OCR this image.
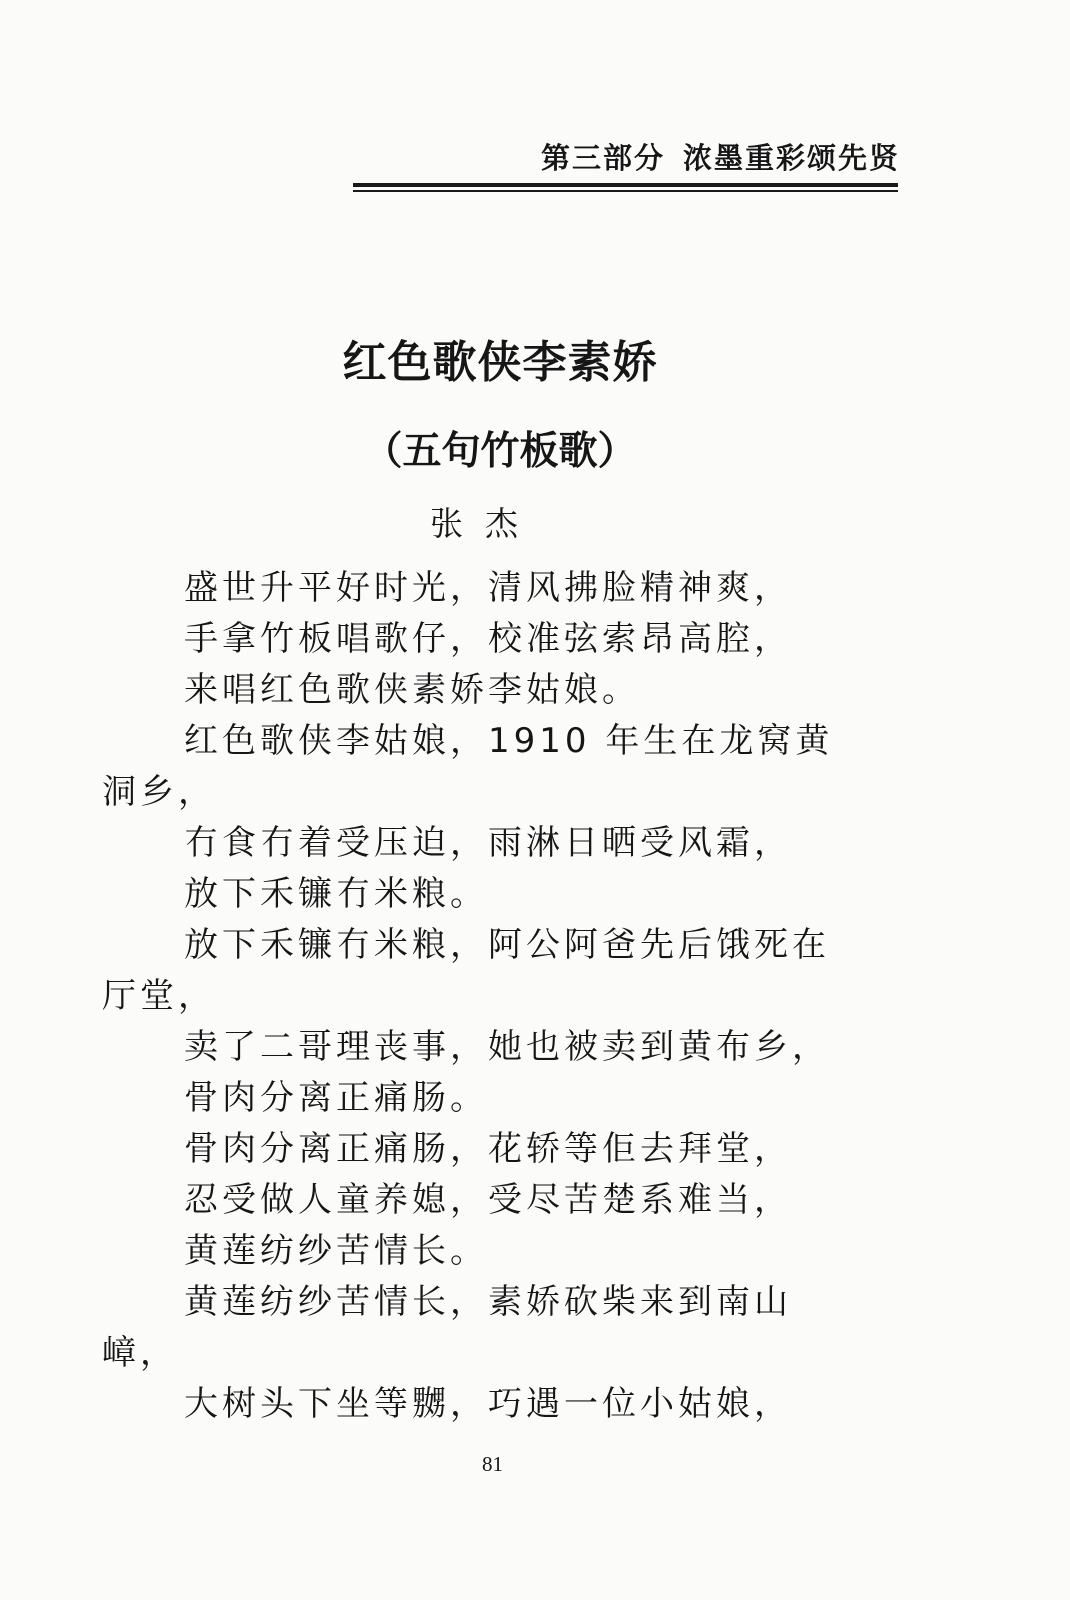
第三部分 浓墨重彩颂先贤
红色歌侠李素娇
（五句竹板歌）
张杰
盛世升平好时光，清风拂脸精神爽，
手拿竹板唱歌仔，校准弦索昂高腔，
来唱红色歌侠素娇李姑娘。
红色歌侠李姑娘，1910 年生在龙窝黄
洞乡，
冇食冇着受压迫，雨淋日晒受风霜，
放下禾镰冇米粮。
放下禾镰冇米粮，阿公阿爸先后饿死在
厅堂，
卖了二哥理丧事，她也被卖到黄布乡，
骨肉分离正痛肠。
骨肉分离正痛肠，花轿等佢去拜堂，
忍受做人童养媳，受尽苦楚系难当，
黄莲纺纱苦情长。
黄莲纺纱苦情长，素娇砍柴来到南山
嶂，
大树头下坐等嬲，巧遇一位小姑娘，
81
